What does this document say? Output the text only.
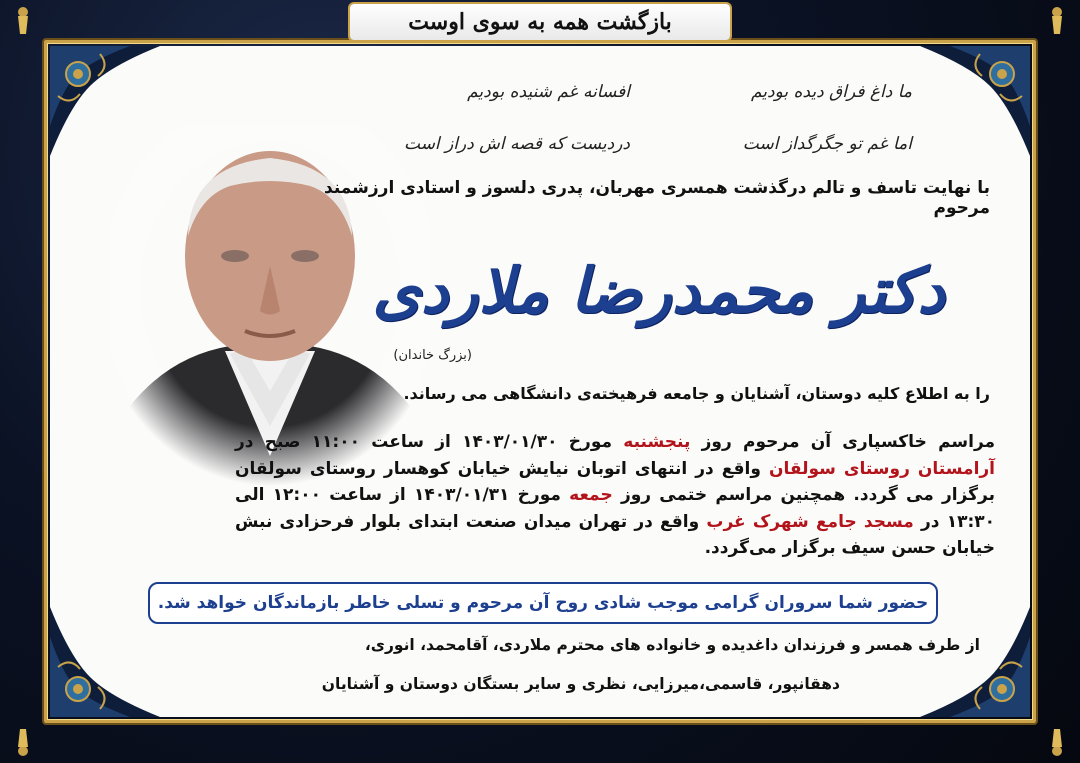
ما داغ فراق دیده بودیم
افسانه غم شنیده بودیم
اما غم تو جگرگداز است
دردیست که قصه اش دراز است
با نهایت تاسف و تالم درگذشت همسری مهربان، پدری دلسوز و استادی ارزشمند مرحوم
دکتر محمدرضا ملاردی
(بزرگ خاندان)
را به اطلاع کلیه دوستان، آشنایان و جامعه فرهیخته‌ی دانشگاهی می رساند.
مراسم خاکسپاری آن مرحوم روز پنجشنبه مورخ ۱۴۰۳/۰۱/۳۰ از ساعت ۱۱:۰۰ صبح در آرامستان روستای سولقان واقع در انتهای اتوبان نیایش خیابان کوهسار روستای سولقان برگزار می گردد. همچنین مراسم ختمی روز جمعه مورخ ۱۴۰۳/۰۱/۳۱ از ساعت ۱۲:۰۰ الی ۱۳:۳۰ در مسجد جامع شهرک غرب واقع در تهران میدان صنعت ابتدای بلوار فرحزادی نبش خیابان حسن سیف برگزار می‌گردد.
حضور شما سروران گرامی موجب شادی روح آن مرحوم و تسلی خاطر بازماندگان خواهد شد.
از طرف همسر و فرزندان داغدیده و خانواده های محترم ملاردی، آقامحمد، انوری،
دهقانپور، قاسمی،میرزایی، نظری و سایر بستگان دوستان و آشنایان
بازگشت همه به سوی اوست
